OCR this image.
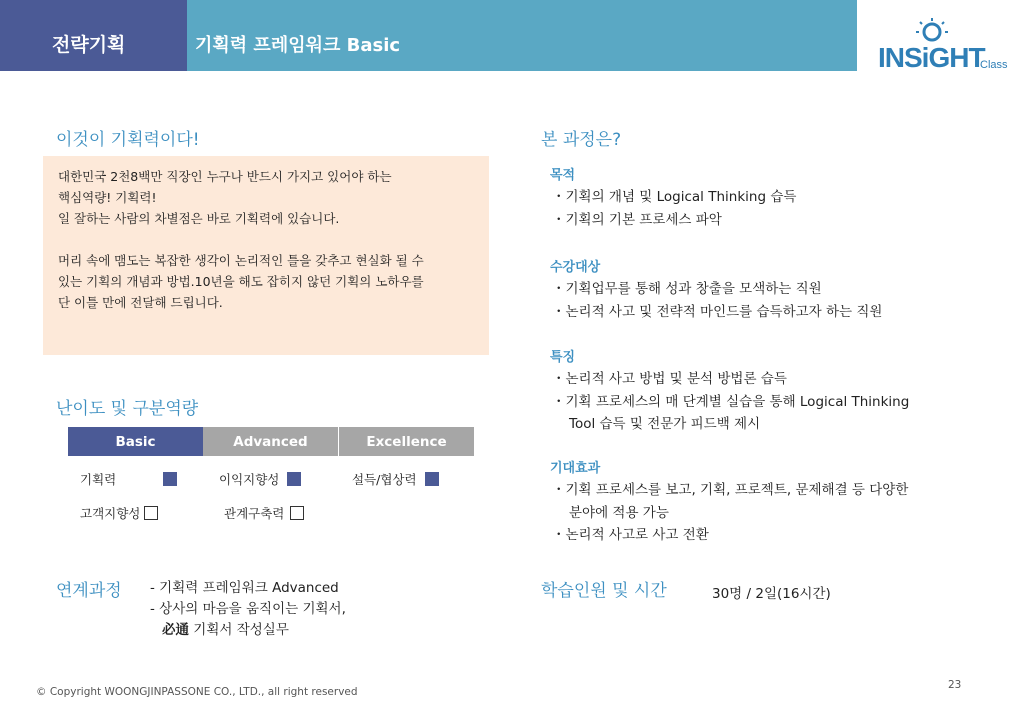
전략기획	기획력 프레임워크 Basic	INSiGHT
Class
이것이 기획력이다!

대한민국 2천8백만 직장인 누구나 반드시 가지고 있어야 하는

핵심역량! 기획력!

일 잘하는 사람의 차별점은 바로 기획력에 있습니다.

머리 속에 맴도는 복잡한 생각이 논리적인 틀을 갖추고 현실화 될 수

있는 기획의 개념과 방법.10년을 해도 잡히지 않던 기획의 노하우를

단 이틀 만에 전달해 드립니다.

난이도 및 구분역량
Basic	Advanced	Excellence
기획력	이익지향성	설득/협상력
고객지향성	관계구축력
연계과정 - 기획력 프레임워크 Advanced

- 상사의 마음을 움직이는 기획서,

必通 기획서 작성실무

본 과정은?
목적

・기획의 개념 및 Logical Thinking 습득

・기획의 기본 프로세스 파악

수강대상

・기획업무를 통해 성과 창출을 모색하는 직원

・논리적 사고 및 전략적 마인드를 습득하고자 하는 직원

특징

・논리적 사고 방법 및 분석 방법론 습득

・기획 프로세스의 매 단계별 실습을 통해 Logical Thinking

Tool 습득 및 전문가 피드백 제시

기대효과

・기획 프로세스를 보고, 기획, 프로젝트, 문제해결 등 다양한

분야에 적용 가능

・논리적 사고로 사고 전환

학습인원 및 시간	30명 / 2일(16시간)
© Copyright WOONGJINPASSONE CO., LTD., all right reserved
23
